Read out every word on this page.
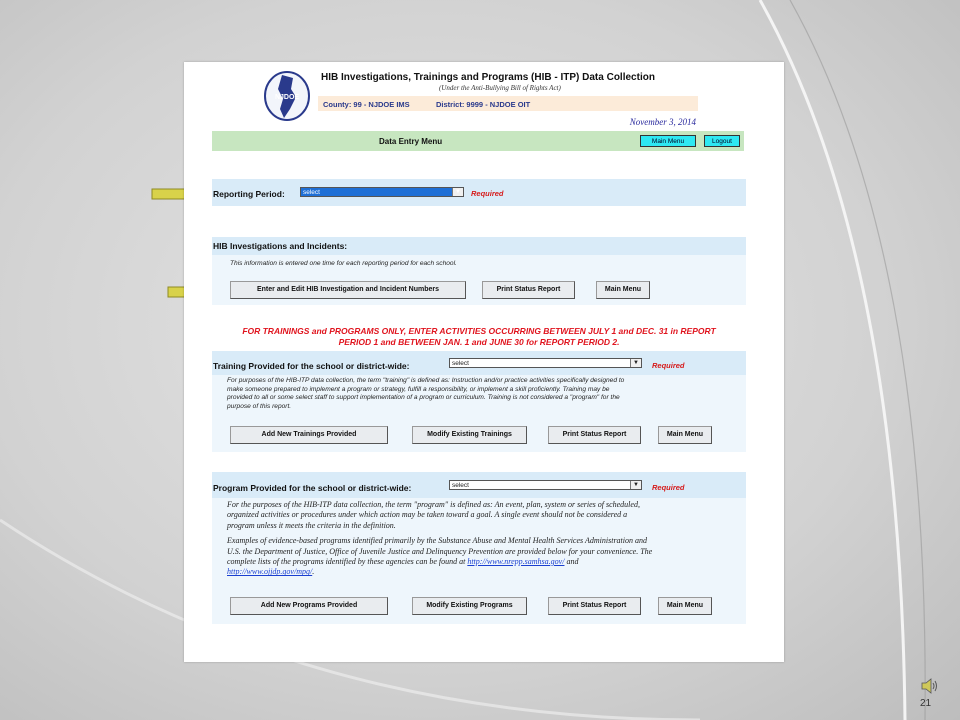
NJDOE
HIB Investigations, Trainings and Programs (HIB - ITP) Data Collection
(Under the Anti-Bullying Bill of Rights Act)
County: 99 - NJDOE IMS	District: 9999 - NJDOE OIT
November 3, 2014
Data Entry Menu	Main Menu	Logout
Reporting Period:	select	▼ Required
HIB Investigations and Incidents:
This information is entered one time for each reporting period for each school.
Enter and Edit HIB Investigation and Incident Numbers	Print Status Report	Main Menu
FOR TRAININGS and PROGRAMS ONLY, ENTER ACTIVITIES OCCURRING BETWEEN JULY 1 and DEC. 31 in REPORT
PERIOD 1 and BETWEEN JAN. 1 and JUNE 30 for REPORT PERIOD 2.
Training Provided for the school or district-wide:	select	▼ Required
For purposes of the HIB-ITP data collection, the term "training" is defined as: Instruction and/or practice activities specifically designed to
make someone prepared to implement a program or strategy, fulfill a responsibility, or implement a skill proficiently. Training may be
provided to all or some select staff to support implementation of a program or curriculum. Training is not considered a "program" for the
purpose of this report.
Add New Trainings Provided	Modify Existing Trainings	Print Status Report	Main Menu
Program Provided for the school or district-wide:	select	▼ Required
For the purposes of the HIB-ITP data collection, the term "program" is defined as: An event, plan, system or series of scheduled,
organized activities or procedures under which action may be taken toward a goal. A single event should not be considered a
program unless it meets the criteria in the definition.
Examples of evidence-based programs identified primarily by the Substance Abuse and Mental Health Services Administration and
U.S. the Department of Justice, Office of Juvenile Justice and Delinquency Prevention are provided below for your convenience. The
complete lists of the programs identified by these agencies can be found at http://www.nrepp.samhsa.gov/ and
http://www.ojjdp.gov/mpg/.
Add New Programs Provided	Modify Existing Programs	Print Status Report	Main Menu
21
